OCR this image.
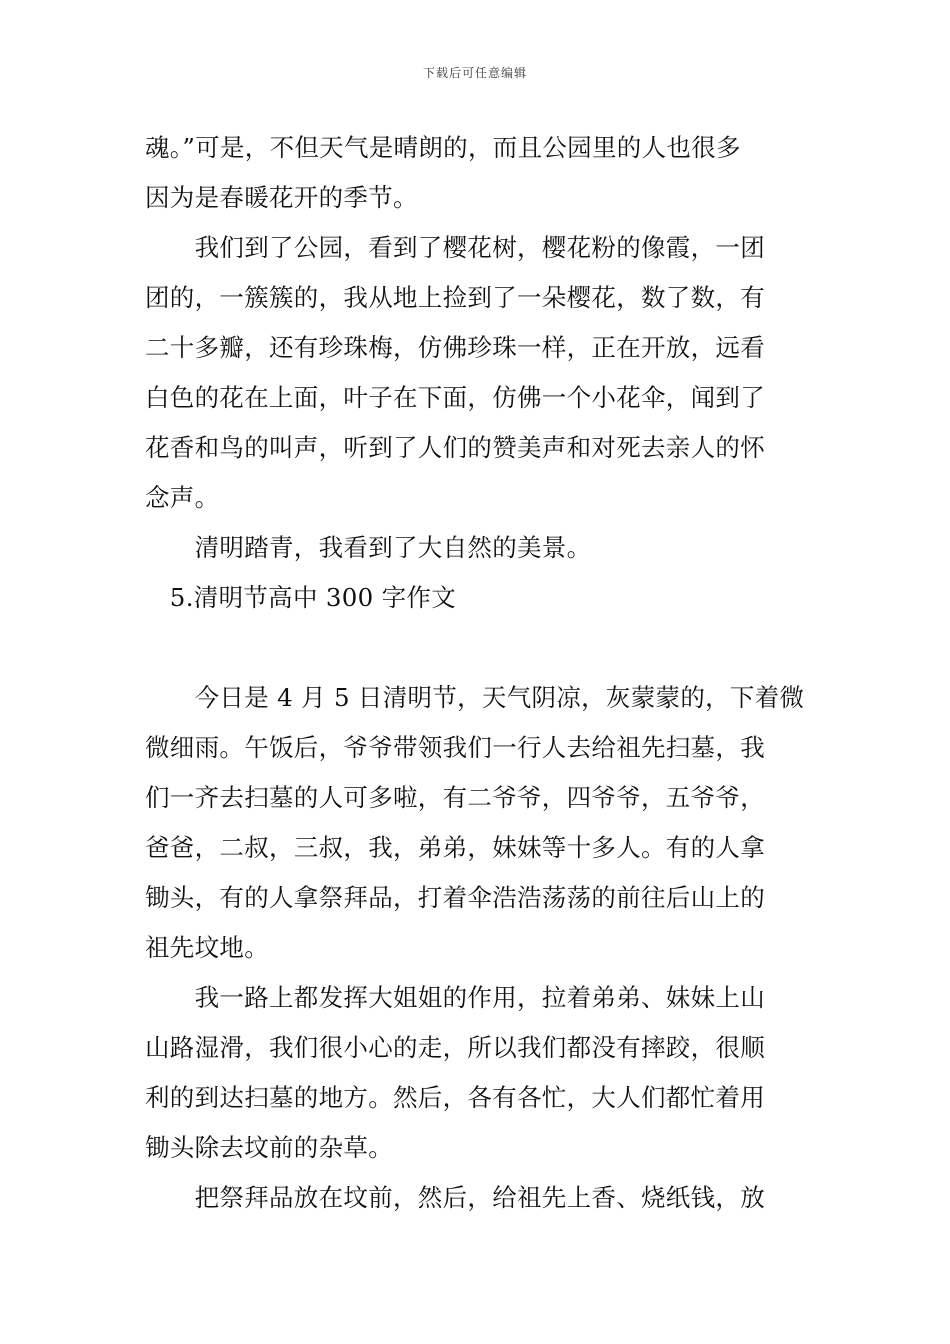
下载后可任意编辑
魂。”可是，不但天气是晴朗的，而且公园里的人也很多
因为是春暖花开的季节。
　　我们到了公园，看到了樱花树，樱花粉的像霞，一团
团的，一簇簇的，我从地上捡到了一朵樱花，数了数，有
二十多瓣，还有珍珠梅，仿佛珍珠一样，正在开放，远看
白色的花在上面，叶子在下面，仿佛一个小花伞，闻到了
花香和鸟的叫声，听到了人们的赞美声和对死去亲人的怀
念声。
　　清明踏青，我看到了大自然的美景。
　5.清明节高中 300 字作文
　　今日是 4 月 5 日清明节，天气阴凉，灰蒙蒙的，下着微
微细雨。午饭后，爷爷带领我们一行人去给祖先扫墓，我
们一齐去扫墓的人可多啦，有二爷爷，四爷爷，五爷爷，
爸爸，二叔，三叔，我，弟弟，妹妹等十多人。有的人拿
锄头，有的人拿祭拜品，打着伞浩浩荡荡的前往后山上的
祖先坟地。
　　我一路上都发挥大姐姐的作用，拉着弟弟、妹妹上山
山路湿滑，我们很小心的走，所以我们都没有摔跤，很顺
利的到达扫墓的地方。然后，各有各忙，大人们都忙着用
锄头除去坟前的杂草。
　　把祭拜品放在坟前，然后，给祖先上香、烧纸钱，放
